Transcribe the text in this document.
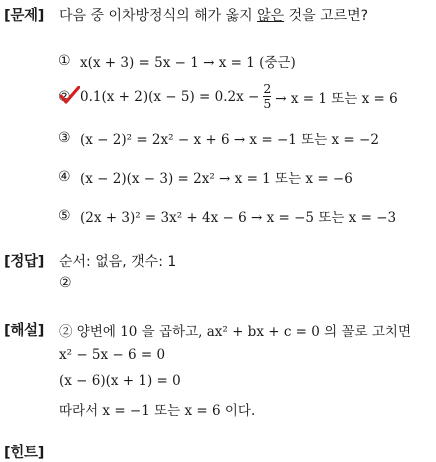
[문제] 다음 중 이차방정식의 해가 옳지 않은 것을 고르면?
① x(x + 3) = 5x − 1 → x = 1 (중근)
② $0.1(x + 2)(x - 5) = 0.2x - \frac{2}{5} \to x = 1$ 또는 x = 6
③ (x − 2)² = 2x² − x + 6 → x = −1 또는 x = −2
④ (x − 2)(x − 3) = 2x² → x = 1 또는 x = −6
⑤ (2x + 3)² = 3x² + 4x − 6 → x = −5 또는 x = −3
[정답] 순서: 없음, 갯수: 1
②
[해설] ② 양변에 10 을 곱하고, ax² + bx + c = 0 의 꼴로 고치면
x² − 5x − 6 = 0
(x − 6)(x + 1) = 0
따라서 x = −1 또는 x = 6 이다.
[힌트]
